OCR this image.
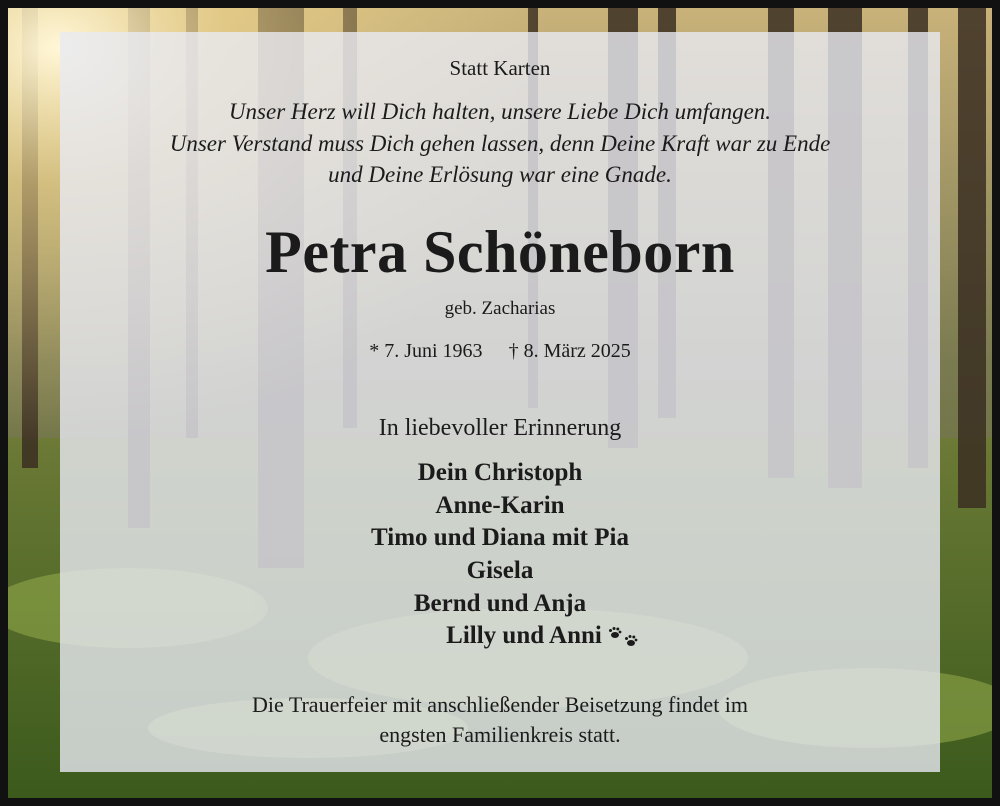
Statt Karten
Unser Herz will Dich halten, unsere Liebe Dich umfangen.
Unser Verstand muss Dich gehen lassen, denn Deine Kraft war zu Ende
und Deine Erlösung war eine Gnade.
Petra Schöneborn
geb. Zacharias
* 7. Juni 1963 † 8. März 2025
In liebevoller Erinnerung
Dein Christoph
Anne-Karin
Timo und Diana mit Pia
Gisela
Bernd und Anja
Lilly und Anni
Die Trauerfeier mit anschließender Beisetzung findet im
engsten Familienkreis statt.
